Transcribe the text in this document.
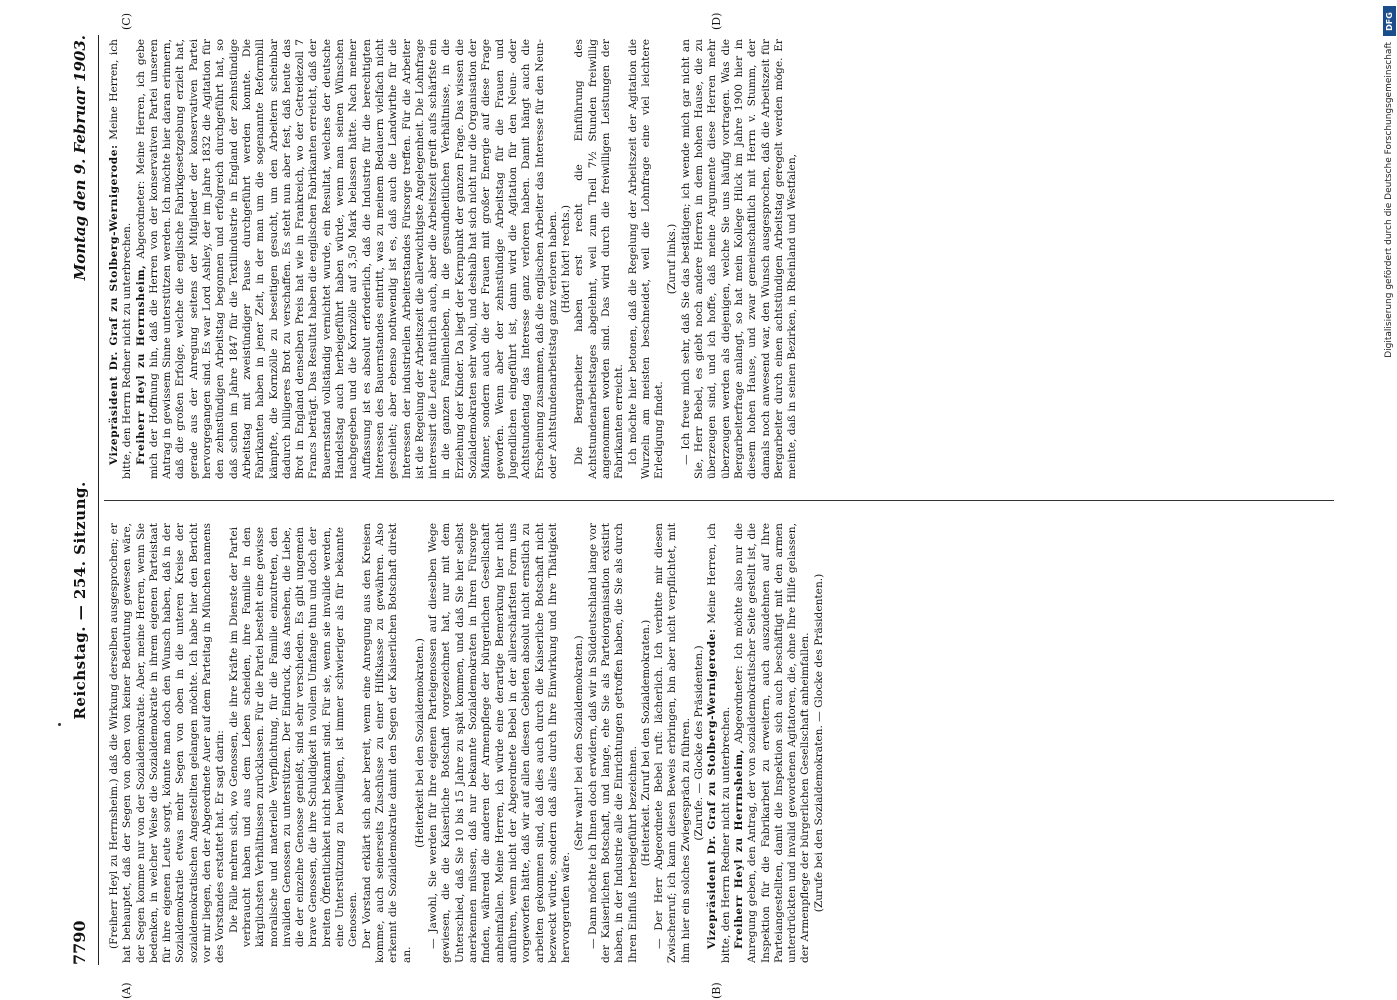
7790
Reichstag. — 254. Sitzung.
Montag den 9. Februar 1903.
(A)	(B)
(C)	(D)

(Freiherr Heyl zu Herrnsheim.) daß die Wirkung derselben ausgesprochen; er hat behauptet, daß der Segen von oben von keiner Bedeutung gewesen wäre, der Segen komme nur von der Sozialdemokratie. Aber, meine Herren, wenn Sie bedenken, in welcher Weise die Sozialdemokratie in ihrem eigenen Parteistaat für ihre eigenen Leute sorgt, könnte man doch den Wunsch haben, daß in der Sozialdemokratie etwas mehr Segen von oben in die unteren Kreise der sozialdemokratischen Angestellten gelangen möchte. Ich habe hier den Bericht vor mir liegen, den der Abgeordnete Auer auf dem Parteitag in München namens des Vorstandes erstattet hat. Er sagt darin: Die Fälle mehren sich, wo Genossen, die ihre Kräfte im Dienste der Partei verbraucht haben und aus dem Leben scheiden, ihre Familie in den kärglichsten Verhältnissen zurücklassen. Für die Partei besteht eine gewisse moralische und materielle Verpflichtung, für die Familie einzutreten, den invaliden Genossen zu unterstützen. Der Eindruck, das Ansehen, die Liebe, die der einzelne Genosse genießt, sind sehr verschieden. Es gibt ungemein brave Genossen, die ihre Schuldigkeit in vollem Umfange thun und doch der breiten Öffentlichkeit nicht bekannt sind. Für sie, wenn sie invalide werden, eine Unterstützung zu bewilligen, ist immer schwieriger als für bekannte Genossen. Der Vorstand erklärt sich aber bereit, wenn eine Anregung aus den Kreisen komme, auch seinerseits Zuschüsse zu einer Hilfskasse zu gewähren. Also erkennt die Sozialdemokratie damit den Segen der Kaiserlichen Botschaft direkt an.

(Heiterkeit bei den Sozialdemokraten.) — Jawohl, Sie werden für Ihre eigenen Parteigenossen auf dieselben Wege gewiesen, die die Kaiserliche Botschaft vorgezeichnet hat, nur mit dem Unterschied, daß Sie 10 bis 15 Jahre zu spät kommen, und daß Sie hier selbst anerkennen müssen, daß nur bekannte Sozialdemokraten in Ihren Fürsorge finden, während die anderen der Armenpflege der bürgerlichen Gesellschaft anheimfallen. Meine Herren, ich würde eine derartige Bemerkung hier nicht anführen, wenn nicht der Abgeordnete Bebel in der allerschärfsten Form uns vorgeworfen hätte, daß wir auf allen diesen Gebieten absolut nicht ernstlich zu arbeiten gekommen sind, daß dies auch durch die Kaiserliche Botschaft nicht bezweckt würde, sondern daß alles durch Ihre Einwirkung und Ihre Thätigkeit hervorgerufen wäre.

(Sehr wahr! bei den Sozialdemokraten.) — Dann möchte ich Ihnen doch erwidern, daß wir in Süddeutschland lange vor der Kaiserlichen Botschaft, und lange, ehe Sie als Parteiorganisation existirt haben, in der Industrie alle die Einrichtungen getroffen haben, die Sie als durch Ihren Einfluß herbeigeführt bezeichnen. (Heiterkeit. Zuruf bei den Sozialdemokraten.) — Der Herr Abgeordnete Bebel ruft: lächerlich. Ich verbitte mir diesen Zwischenruf; ich kann diesen Beweis erbringen, bin aber nicht verpflichtet, mit ihm hier ein solches Zwiegespräch zu führen. (Zurufe. — Glocke des Präsidenten.) Vizepräsident Dr. Graf zu Stolberg-Wernigerode: Meine Herren, ich bitte, den Herrn Redner nicht zu unterbrechen. Freiherr Heyl zu Herrnsheim, Abgeordneter: Ich möchte also nur die Anregung geben, den Antrag, der von sozialdemokratischer Seite gestellt ist, die Inspektion für die Fabrikarbeit zu erweitern, auch auszudehnen auf Ihre Parteiangestellten, damit die Inspektion sich auch beschäftigt mit den armen unterdrückten und invalid gewordenen Agitatoren, die, ohne Ihre Hilfe gelassen, der Armenpflege der bürgerlichen Gesellschaft anheimfallen. (Zurufe bei den Sozialdemokraten. — Glocke des Präsidenten.)

Vizepräsident Dr. Graf zu Stolberg-Wernigerode: Meine Herren, ich bitte, den Herrn Redner nicht zu unterbrechen. Freiherr Heyl zu Herrnsheim, Abgeordneter: Meine Herren, ich gebe mich der Hoffnung hin, daß die Herren von der konservativen Partei unseren Antrag in gewissem Sinne unterstützen werden. Ich möchte hier daran erinnern, daß die großen Erfolge, welche die englische Fabrikgesetzgebung erzielt hat, gerade aus der Anregung seitens der Mitglieder der konservativen Partei hervorgegangen sind. Es war Lord Ashley, der im Jahre 1832 die Agitation für den zehnstündigen Arbeitstag begonnen und erfolgreich durchgeführt hat, so daß schon im Jahre 1847 für die Textilindustrie in England der zehnstündige Arbeitstag mit zweistündiger Pause durchgeführt werden konnte. Die Fabrikanten haben in jener Zeit, in der man um die sogenannte Reformbill kämpfte, die Kornzölle zu beseitigen gesucht, um den Arbeitern scheinbar dadurch billigeres Brot zu verschaffen. Es steht nun aber fest, daß heute das Brot in England denselben Preis hat wie in Frankreich, wo der Getreidezoll 7 Francs beträgt. Das Resultat haben die englischen Fabrikanten erreicht, daß der Bauernstand vollständig vernichtet wurde, ein Resultat, welches der deutsche Handelstag auch herbeigeführt haben würde, wenn man seinen Wünschen nachgegeben und die Kornzölle auf 3,50 Mark belassen hätte. Nach meiner Auffassung ist es absolut erforderlich, daß die Industrie für die berechtigten Interessen des Bauernstandes eintritt, was zu meinem Bedauern vielfach nicht geschieht; aber ebenso nothwendig ist es, daß auch die Landwirthe für die Interessen der industriellen Arbeiterstandes Fürsorge treffen. Für die Arbeiter ist die Regelung der Arbeitszeit die allerwichtigste Angelegenheit. Die Lohnfrage interessirt die Leute natürlich auch, aber die Arbeitszeit greift aufs schärfste ein in die ganzen Familienleben, in die gesundheitlichen Verhältnisse, in die Erziehung der Kinder. Da liegt der Kernpunkt der ganzen Frage. Das wissen die Sozialdemokraten sehr wohl, und deshalb hat sich nicht nur die Organisation der Männer, sondern auch die der Frauen mit großer Energie auf diese Frage geworfen. Wenn aber der zehnstündige Arbeitstag für die Frauen und Jugendlichen eingeführt ist, dann wird die Agitation für den Neun- oder Achtstundentag das Interesse ganz verloren haben. Damit hängt auch die Erscheinung zusammen, daß die englischen Arbeiter das Interesse für den Neun- oder Achtstundenarbeitstag ganz verloren haben. (Hört! hört! rechts.) Die Bergarbeiter haben erst recht die Einführung des Achtstundenarbeitstages abgelehnt, weil zum Theil 7½ Stunden freiwillig angenommen worden sind. Das wird durch die freiwilligen Leistungen der Fabrikanten erreicht. Ich möchte hier betonen, daß die Regelung der Arbeitszeit der Agitation die Wurzeln am meisten beschneidet, weil die Lohnfrage eine viel leichtere Erledigung findet.

(Zuruf links.) — Ich freue mich sehr, daß Sie das bestätigen; ich wende mich gar nicht an Sie, Herr Bebel, es giebt noch andere Herren in dem hohen Hause, die zu überzeugen sind, und ich hoffe, daß meine Argumente diese Herren mehr überzeugen werden als diejenigen, welche Sie uns häufig vortragen. Was die Bergarbeiterfrage anlangt, so hat mein Kollege Hilck im Jahre 1900 hier in diesem hohen Hause, und zwar gemeinschaftlich mit Herrn v. Stumm, der damals noch anwesend war, den Wunsch ausgesprochen, daß die Arbeitszeit für Bergarbeiter durch einen achtstündigen Arbeitstag geregelt werden möge. Er meinte, daß in seinen Bezirken, in Rheinland und Westfalen,	Digitalisierung gefördert durch die Deutsche Forschungsgemeinschaft
DFG
